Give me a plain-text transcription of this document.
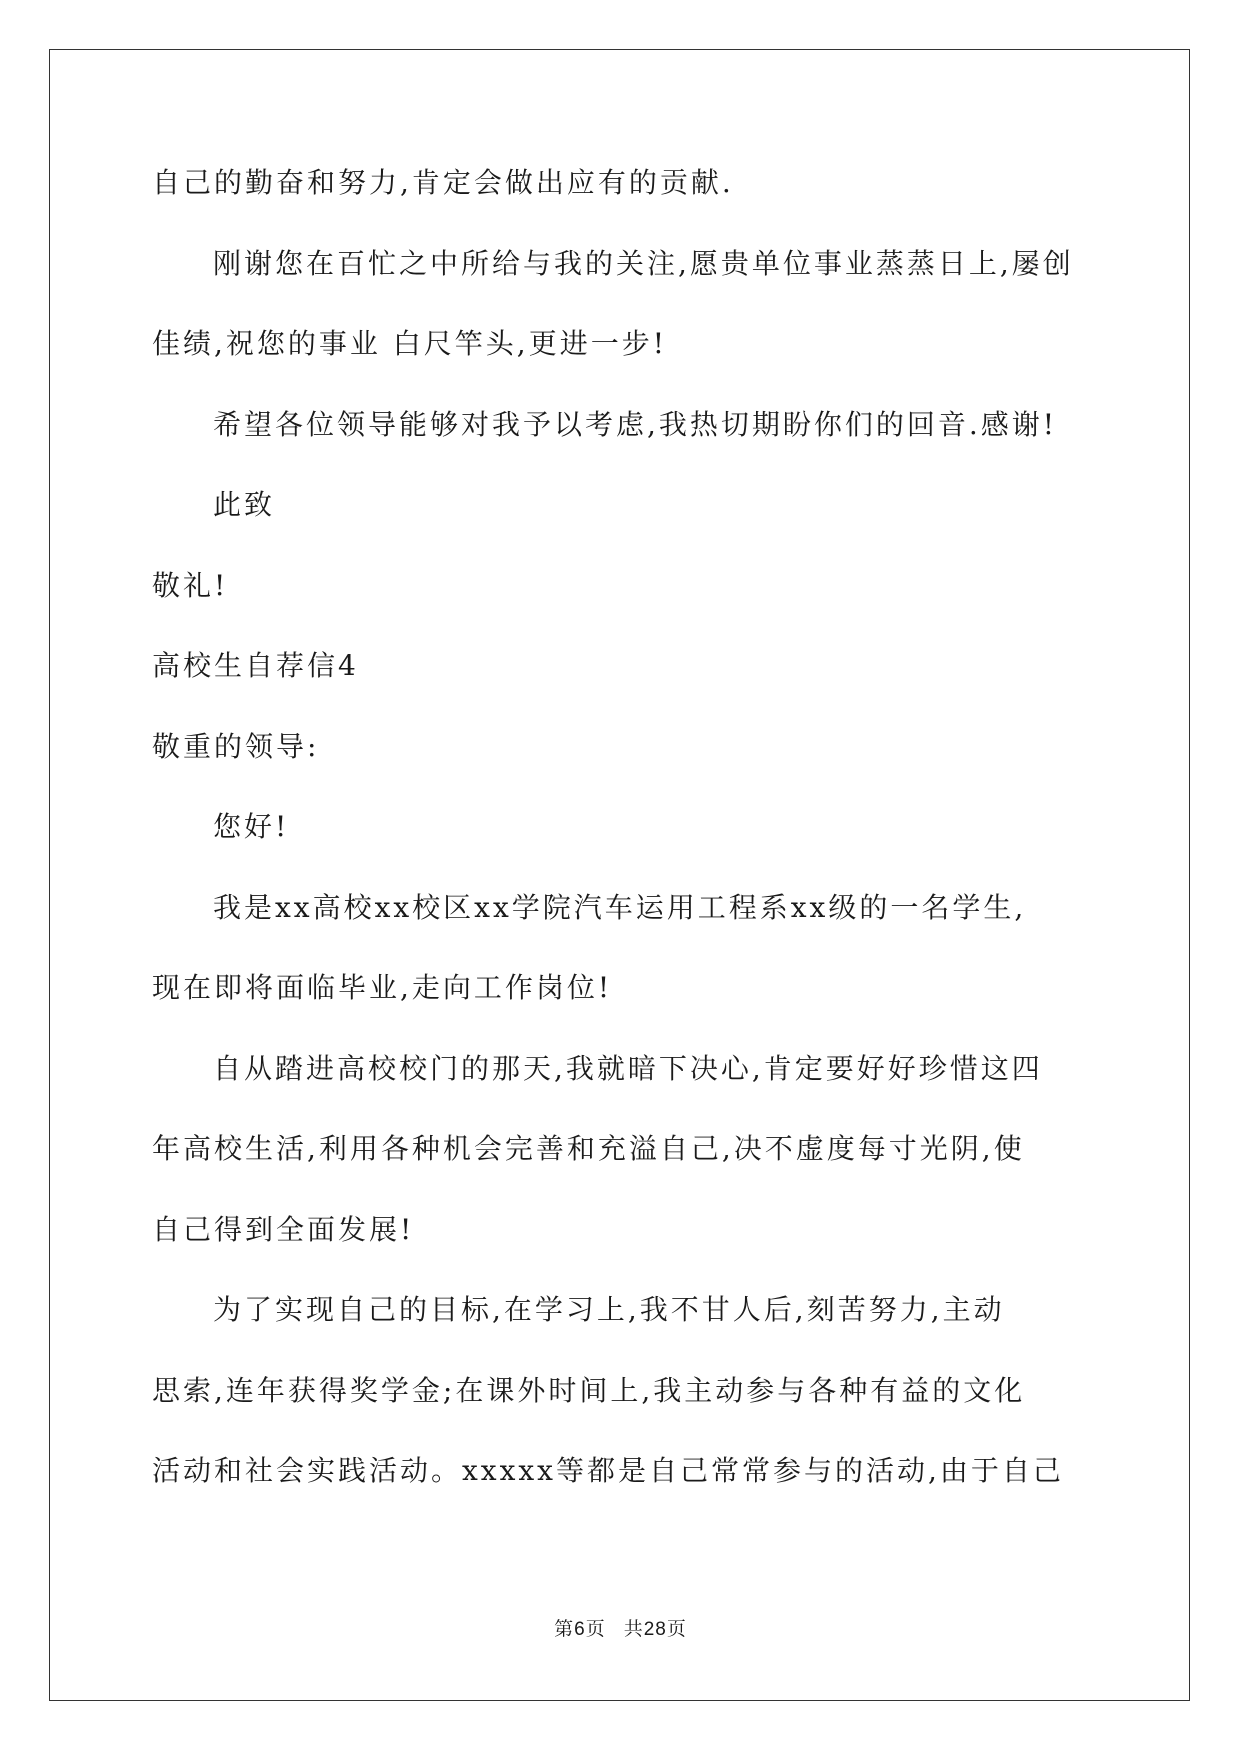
自己的勤奋和努力,肯定会做出应有的贡献.
刚谢您在百忙之中所给与我的关注,愿贵单位事业蒸蒸日上,屡创
佳绩,祝您的事业 白尺竿头,更进一步!
希望各位领导能够对我予以考虑,我热切期盼你们的回音.感谢!
此致
敬礼!
高校生自荐信4
敬重的领导:
您好!
我是xx高校xx校区xx学院汽车运用工程系xx级的一名学生,
现在即将面临毕业,走向工作岗位!
自从踏进高校校门的那天,我就暗下决心,肯定要好好珍惜这四
年高校生活,利用各种机会完善和充溢自己,决不虚度每寸光阴,使
自己得到全面发展!
为了实现自己的目标,在学习上,我不甘人后,刻苦努力,主动
思索,连年获得奖学金;在课外时间上,我主动参与各种有益的文化
活动和社会实践活动。xxxxx等都是自己常常参与的活动,由于自己
第6页 共28页
